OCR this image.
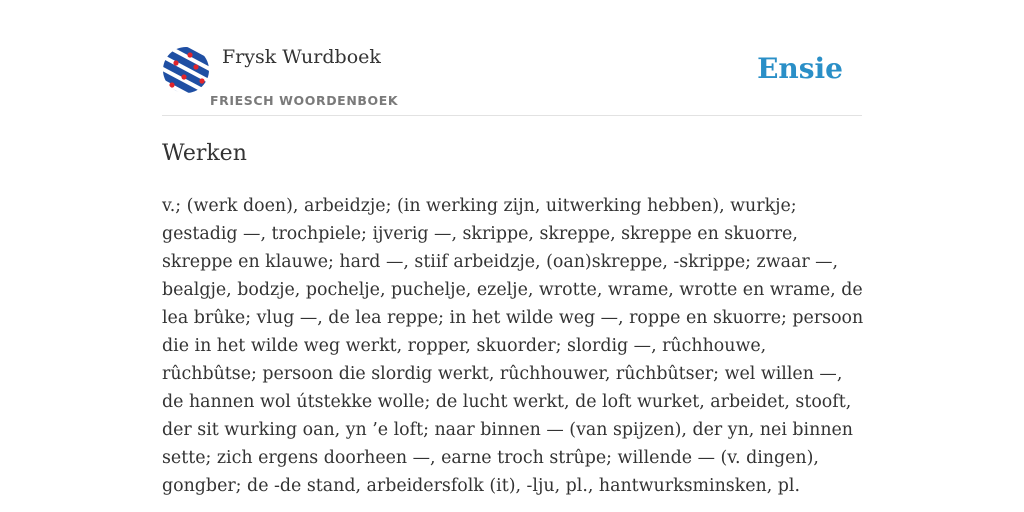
Frysk Wurdboek
FRIESCH WOORDENBOEK
Ensie
Werken

v.; (werk doen), arbeidzje; (in werking zijn, uitwerking hebben), wurkje; gestadig —, trochpiele; ijverig —, skrippe, skreppe, skreppe en skuorre, skreppe en klauwe; hard —, stiif arbeidzje, (oan)skreppe, -skrippe; zwaar —, bealgje, bodzje, pochelje, puchelje, ezelje, wrotte, wrame, wrotte en wrame, de lea brûke; vlug —, de lea reppe; in het wilde weg —, roppe en skuorre; persoon die in het wilde weg werkt, ropper, skuorder; slordig —, rûchhouwe, rûchbûtse; persoon die slordig werkt, rûchhouwer, rûchbûtser; wel willen —, de hannen wol útstekke wolle; de lucht werkt, de loft wurket, arbeidet, stooft, der sit wurking oan, yn ’e loft; naar binnen — (van spijzen), der yn, nei binnen sette; zich ergens doorheen —, earne troch strûpe; willende — (v. dingen), gongber; de -de stand, arbeidersfolk (it), -lju, pl., hantwurksminsken, pl.
